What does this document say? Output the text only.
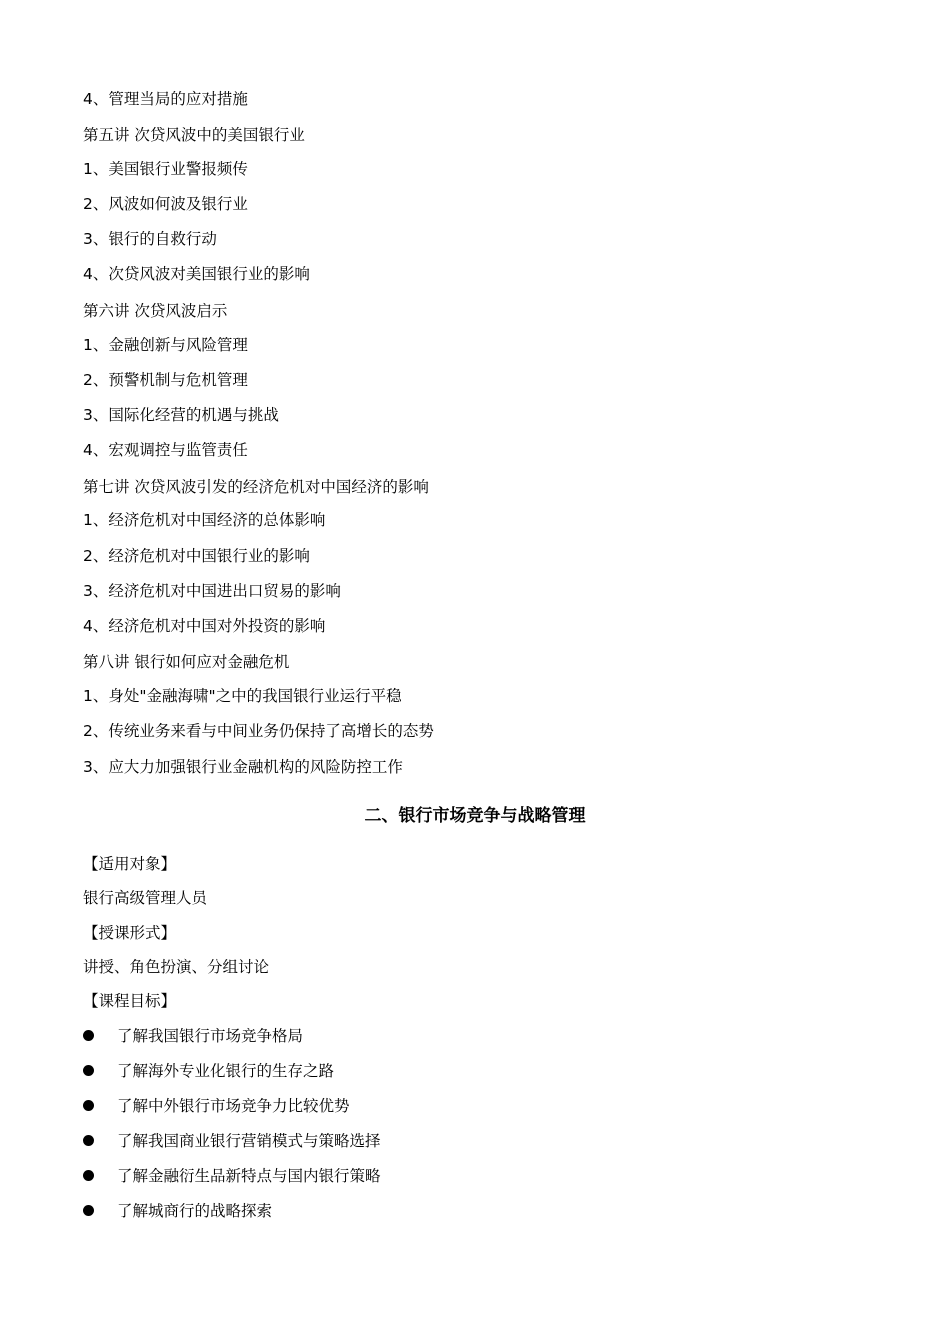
4、管理当局的应对措施
第五讲 次贷风波中的美国银行业
1、美国银行业警报频传
2、风波如何波及银行业
3、银行的自救行动
4、次贷风波对美国银行业的影响
第六讲 次贷风波启示
1、金融创新与风险管理
2、预警机制与危机管理
3、国际化经营的机遇与挑战
4、宏观调控与监管责任
第七讲 次贷风波引发的经济危机对中国经济的影响
1、经济危机对中国经济的总体影响
2、经济危机对中国银行业的影响
3、经济危机对中国进出口贸易的影响
4、经济危机对中国对外投资的影响
第八讲 银行如何应对金融危机
1、身处"金融海啸"之中的我国银行业运行平稳
2、传统业务来看与中间业务仍保持了高增长的态势
3、应大力加强银行业金融机构的风险防控工作
二、银行市场竞争与战略管理
【适用对象】
银行高级管理人员
【授课形式】
讲授、角色扮演、分组讨论
【课程目标】
了解我国银行市场竞争格局
了解海外专业化银行的生存之路
了解中外银行市场竞争力比较优势
了解我国商业银行营销模式与策略选择
了解金融衍生品新特点与国内银行策略
了解城商行的战略探索
